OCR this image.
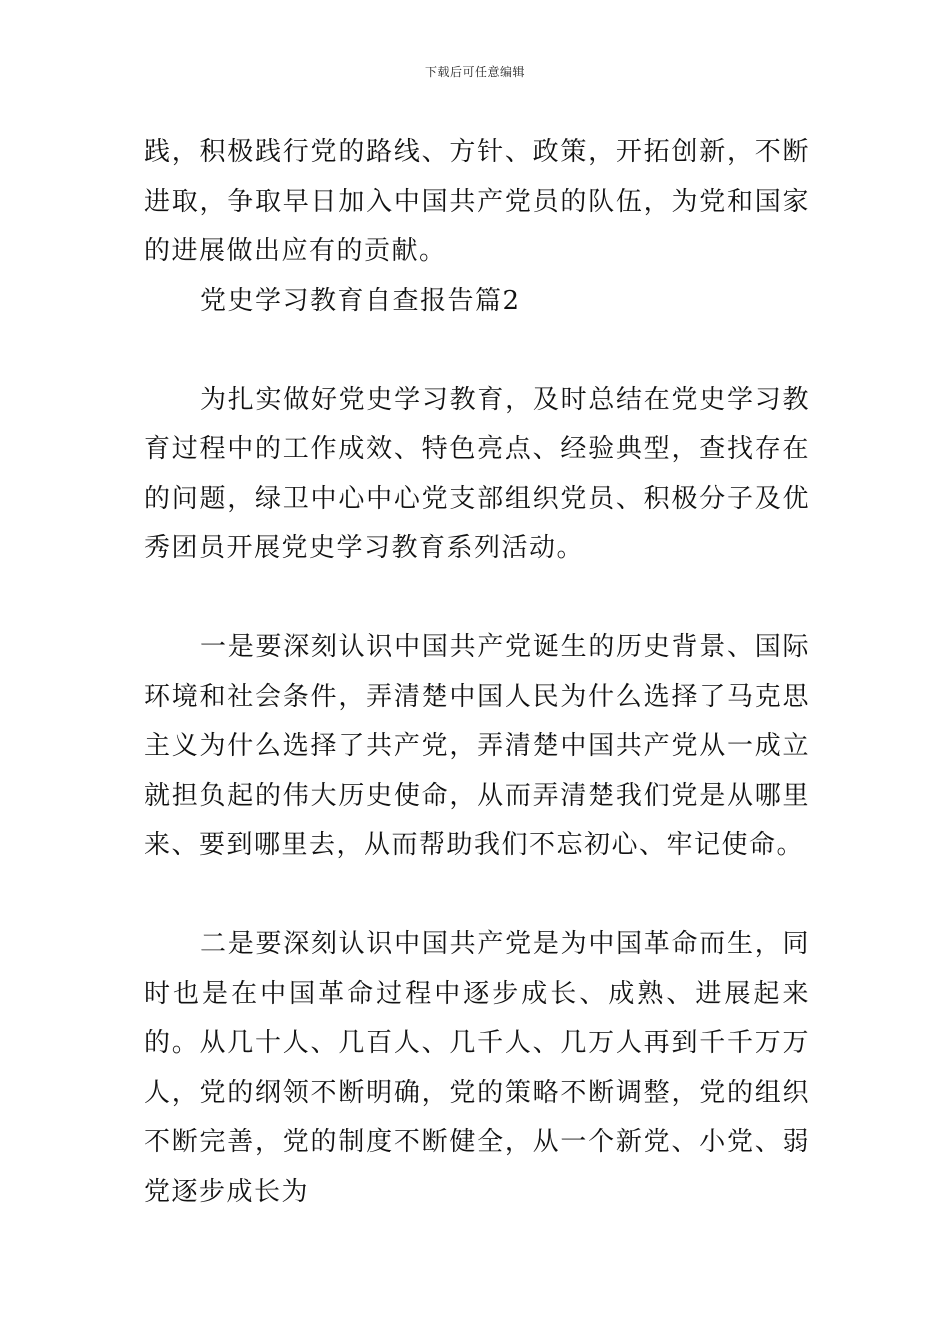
下载后可任意编辑

践，积极践行党的路线、方针、政策，开拓创新，不断进取，争取早日加入中国共产党员的队伍，为党和国家的进展做出应有的贡献。

党史学习教育自查报告篇2

为扎实做好党史学习教育，及时总结在党史学习教育过程中的工作成效、特色亮点、经验典型，查找存在的问题，绿卫中心中心党支部组织党员、积极分子及优秀团员开展党史学习教育系列活动。

一是要深刻认识中国共产党诞生的历史背景、国际环境和社会条件，弄清楚中国人民为什么选择了马克思主义为什么选择了共产党，弄清楚中国共产党从一成立就担负起的伟大历史使命，从而弄清楚我们党是从哪里来、要到哪里去，从而帮助我们不忘初心、牢记使命。

二是要深刻认识中国共产党是为中国革命而生，同时也是在中国革命过程中逐步成长、成熟、进展起来的。从几十人、几百人、几千人、几万人再到千千万万人，党的纲领不断明确，党的策略不断调整，党的组织不断完善，党的制度不断健全，从一个新党、小党、弱党逐步成长为
